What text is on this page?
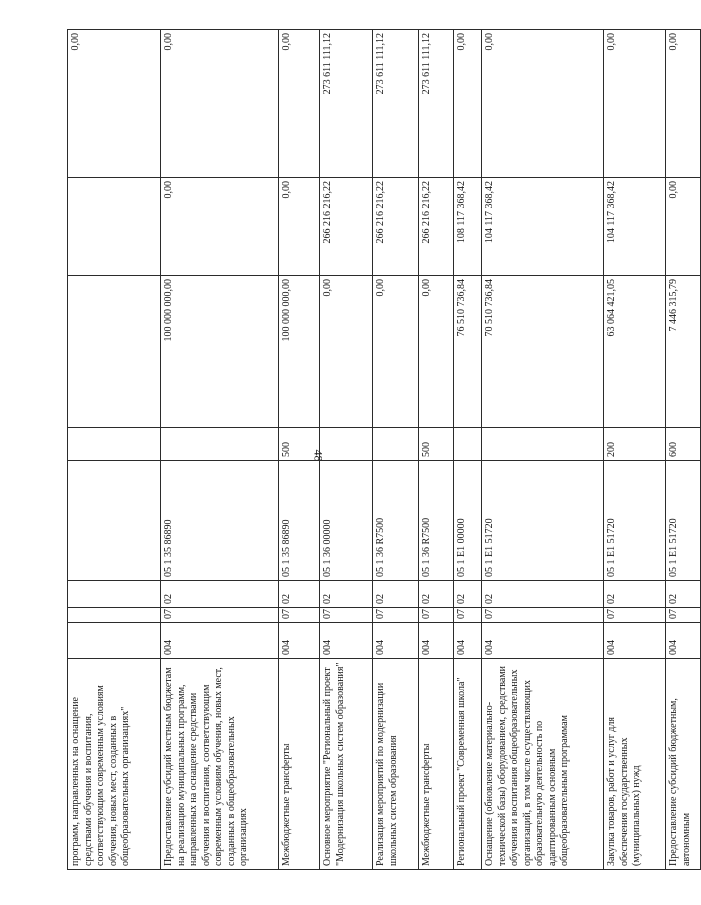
48
программ, направленных на оснащение средствами обучения и воспитания, соответствующим современным условиям обучения, новых мест, созданных в общеобразовательных организациях"								0,00
Предоставление субсидий местным бюджетам на реализацию муниципальных программ, направленных на оснащение средствами обучения и воспитания, соответствующим современным условиям обучения, новых мест, созданных в общеобразовательных организациях	004	07	02	05 1 35 86890		100 000 000,00	0,00	0,00
Межбюджетные трансферты	004	07	02	05 1 35 86890	500	100 000 000,00	0,00	0,00
Основное мероприятие "Региональный проект "Модернизация школьных систем образования"	004	07	02	05 1 36 00000		0,00	266 216 216,22	273 611 111,12
Реализация мероприятий по модернизации школьных систем образования	004	07	02	05 1 36 R7500		0,00	266 216 216,22	273 611 111,12
Межбюджетные трансферты	004	07	02	05 1 36 R7500	500	0,00	266 216 216,22	273 611 111,12
Региональный проект "Современная школа"	004	07	02	05 1 E1 00000		76 510 736,84	108 117 368,42	0,00
Оснащение (обновление материально-технической базы) оборудованием, средствами обучения и воспитания общеобразовательных организаций, в том числе осуществляющих образовательную деятельность по адаптированным основным общеобразовательным программам	004	07	02	05 1 E1 51720		70 510 736,84	104 117 368,42	0,00
Закупка товаров, работ и услуг для обеспечения государственных (муниципальных) нужд	004	07	02	05 1 E1 51720	200	63 064 421,05	104 117 368,42	0,00
Предоставление субсидий бюджетным, автономным	004	07	02	05 1 E1 51720	600	7 446 315,79	0,00	0,00
